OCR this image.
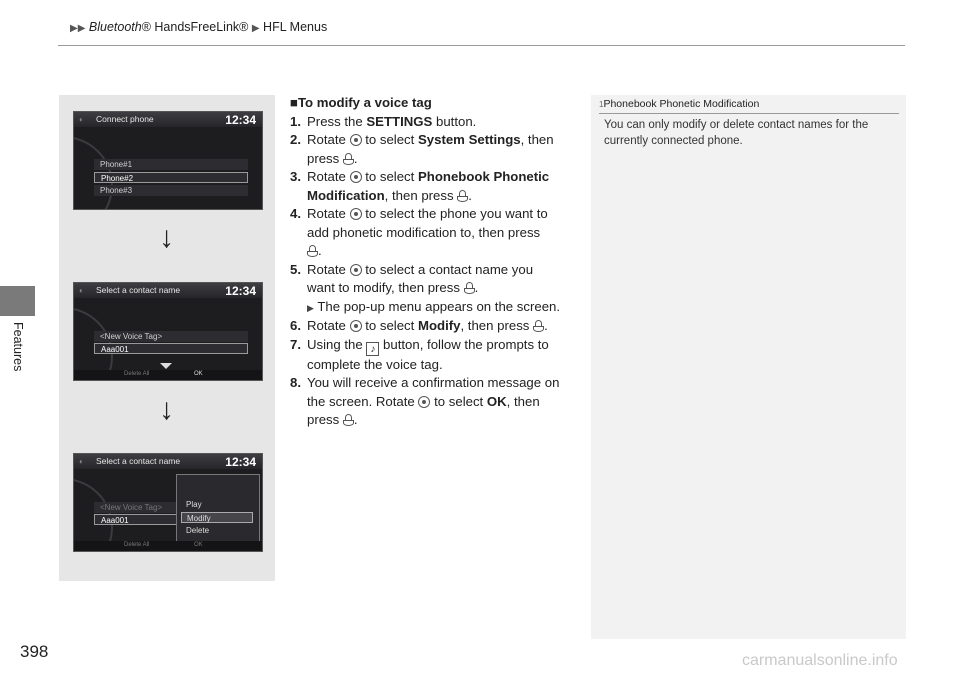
▶▶ Bluetooth® HandsFreeLink® ▶ HFL Menus
Features
398
◐	Connect phone	12:34
Phone#1
Phone#2
Phone#3
↓
◐	Select a contact name	12:34
<New Voice Tag>
Aaa001
Delete All	OK
↓
◐	Select a contact name	12:34
<New Voice Tag>
Aaa001
Play
Modify
Delete
Delete All	OK
■To modify a voice tag
1. Press the SETTINGS button.
2. Rotate  to select System Settings, then
press .
3. Rotate  to select Phonebook Phonetic
Modification, then press .
4. Rotate  to select the phone you want to
add phonetic modification to, then press
.
5. Rotate  to select a contact name you
want to modify, then press .
▶ The pop-up menu appears on the screen.
6. Rotate  to select Modify, then press .
7. Using the ♪ button, follow the prompts to
complete the voice tag.
8. You will receive a confirmation message on
the screen. Rotate  to select OK, then
press .
1Phonebook Phonetic Modification
You can only modify or delete contact names for the currently connected phone.
carmanualsonline.info
